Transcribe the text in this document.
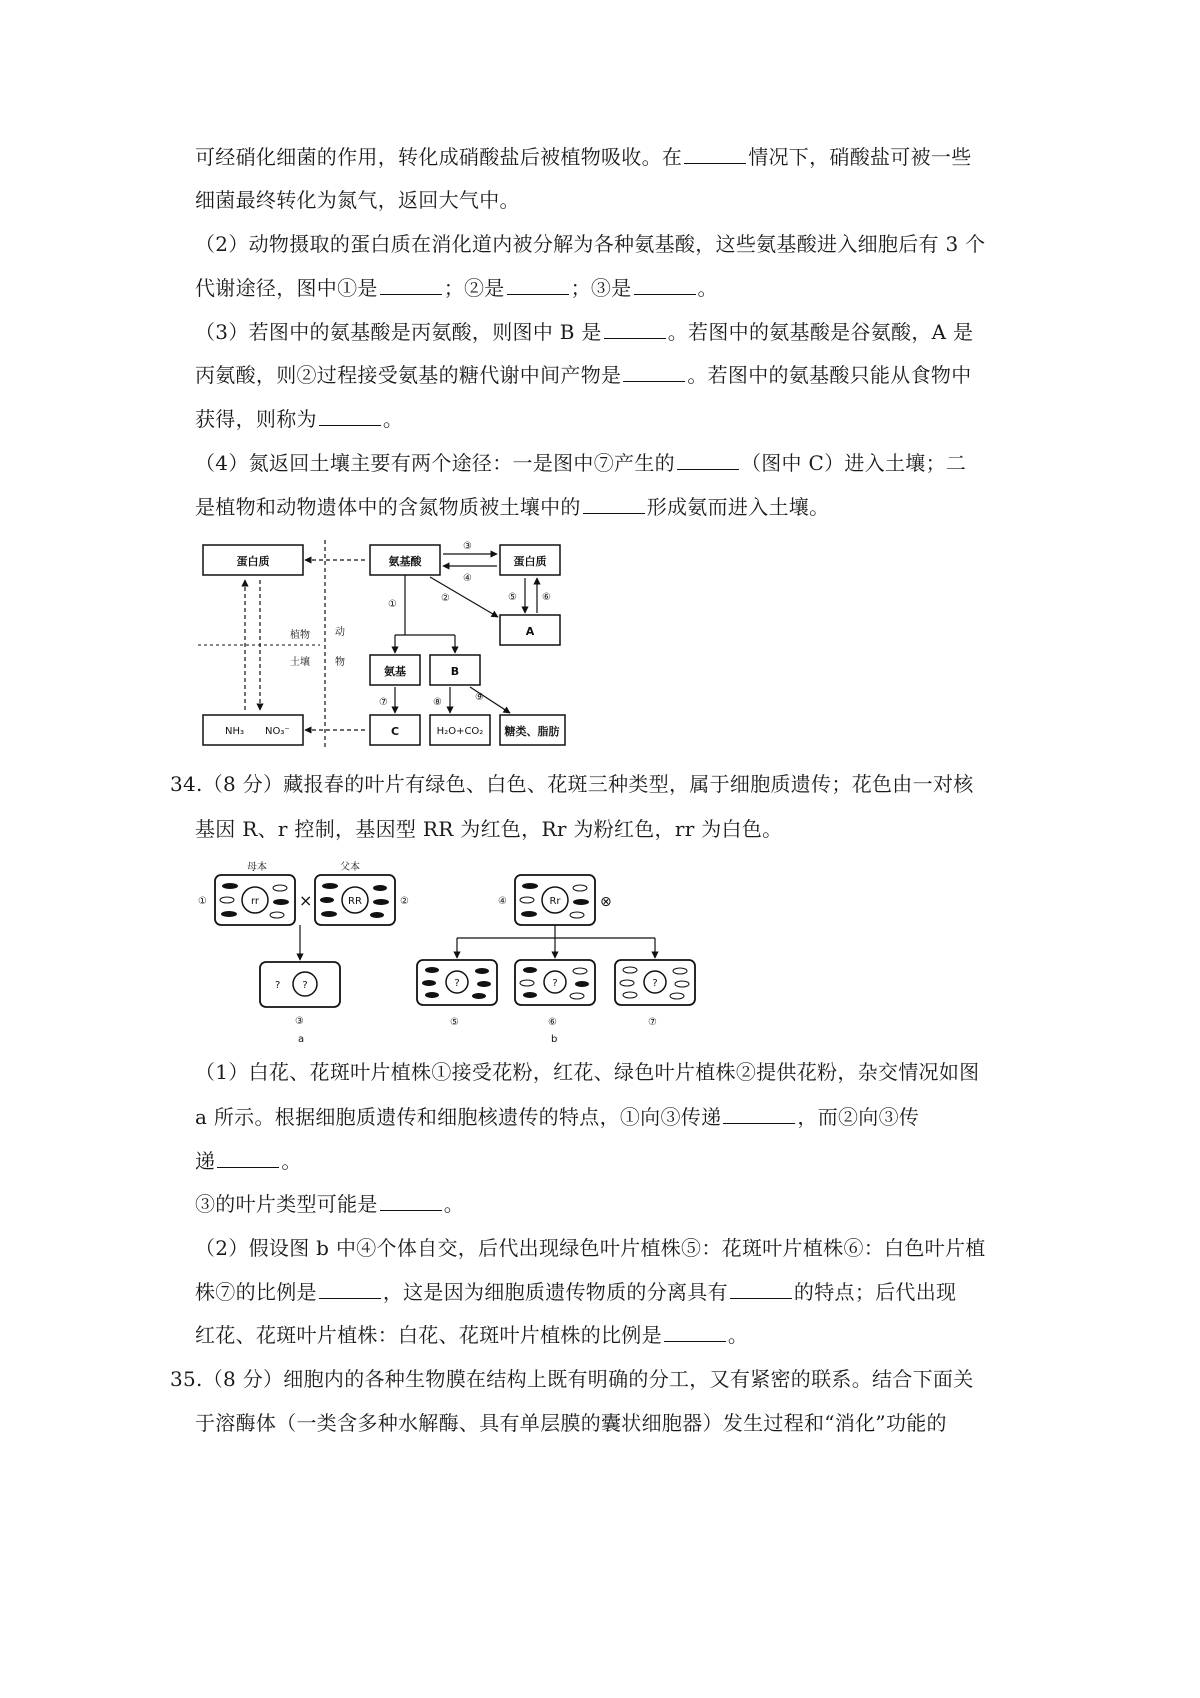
可经硝化细菌的作用，转化成硝酸盐后被植物吸收。在	情况下，硝酸盐可被一些
细菌最终转化为氮气，返回大气中。
（2）动物摄取的蛋白质在消化道内被分解为各种氨基酸，这些氨基酸进入细胞后有 3 个
代谢途径，图中①是	；②是	；③是	。
（3）若图中的氨基酸是丙氨酸，则图中 B 是	。若图中的氨基酸是谷氨酸，A 是
丙氨酸，则②过程接受氨基的糖代谢中间产物是	。若图中的氨基酸只能从食物中
获得，则称为	。
（4）氮返回土壤主要有两个途径：一是图中⑦产生的	（图中 C）进入土壤；二
是植物和动物遗体中的含氮物质被土壤中的	形成氨而进入土壤。
蛋白质	氨基酸	蛋白质
A
氨基	B
NH₃ NO₃⁻	C	H₂O+CO₂ 糖类、脂肪
植物
土壤
动
物
③
④
⑤	⑥
②
①
⑦	⑧	⑨
34.（8 分）藏报春的叶片有绿色、白色、花斑三种类型，属于细胞质遗传；花色由一对核
基因 R、r 控制，基因型 RR 为红色，Rr 为粉红色，rr 为白色。
母本	父本
rr
①	×	RR	②
?
?
③
a
Rr
④	⊗
?
⑤
?
⑥
?
⑦
b
（1）白花、花斑叶片植株①接受花粉，红花、绿色叶片植株②提供花粉，杂交情况如图
a 所示。根据细胞质遗传和细胞核遗传的特点，①向③传递	，而②向③传
递	。
③的叶片类型可能是	。
（2）假设图 b 中④个体自交，后代出现绿色叶片植株⑤：花斑叶片植株⑥：白色叶片植
株⑦的比例是	，这是因为细胞质遗传物质的分离具有	的特点；后代出现
红花、花斑叶片植株：白花、花斑叶片植株的比例是	。
35.（8 分）细胞内的各种生物膜在结构上既有明确的分工，又有紧密的联系。结合下面关
于溶酶体（一类含多种水解酶、具有单层膜的囊状细胞器）发生过程和“消化”功能的
